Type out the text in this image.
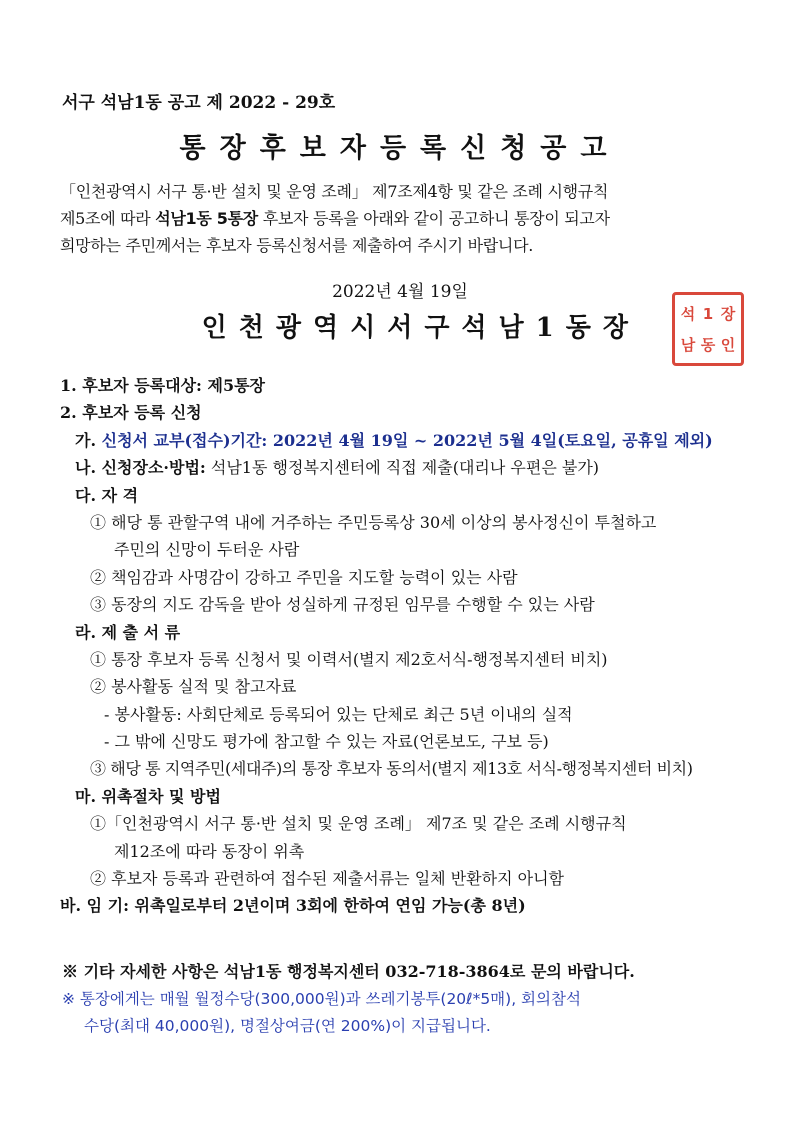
서구 석남1동 공고 제 2022 - 29호
통장후보자등록신청공고
「인천광역시 서구 통·반 설치 및 운영 조례」 제7조제4항 및 같은 조례 시행규칙
제5조에 따라 석남1동 5통장 후보자 등록을 아래와 같이 공고하니 통장이 되고자
희망하는 주민께서는 후보자 등록신청서를 제출하여 주시기 바랍니다.
2022년 4월 19일
인천광역시서구석남1동장	석 1 장
남 동 인
1. 후보자 등록대상: 제5통장
2. 후보자 등록 신청
가. 신청서 교부(접수)기간: 2022년 4월 19일 ~ 2022년 5월 4일(토요일, 공휴일 제외)
나. 신청장소·방법: 석남1동 행정복지센터에 직접 제출(대리나 우편은 불가)
다. 자 격
① 해당 통 관할구역 내에 거주하는 주민등록상 30세 이상의 봉사정신이 투철하고
주민의 신망이 두터운 사람
② 책임감과 사명감이 강하고 주민을 지도할 능력이 있는 사람
③ 동장의 지도 감독을 받아 성실하게 규정된 임무를 수행할 수 있는 사람
라. 제 출 서 류
① 통장 후보자 등록 신청서 및 이력서(별지 제2호서식-행정복지센터 비치)
② 봉사활동 실적 및 참고자료
- 봉사활동: 사회단체로 등록되어 있는 단체로 최근 5년 이내의 실적
- 그 밖에 신망도 평가에 참고할 수 있는 자료(언론보도, 구보 등)
③ 해당 통 지역주민(세대주)의 통장 후보자 동의서(별지 제13호 서식-행정복지센터 비치)
마. 위촉절차 및 방법
①「인천광역시 서구 통·반 설치 및 운영 조례」 제7조 및 같은 조례 시행규칙
제12조에 따라 동장이 위촉
② 후보자 등록과 관련하여 접수된 제출서류는 일체 반환하지 아니함
바. 임 기: 위촉일로부터 2년이며 3회에 한하여 연임 가능(총 8년)
※ 기타 자세한 사항은 석남1동 행정복지센터 032-718-3864로 문의 바랍니다.
※ 통장에게는 매월 월정수당(300,000원)과 쓰레기봉투(20ℓ*5매), 회의참석
수당(최대 40,000원), 명절상여금(연 200%)이 지급됩니다.
